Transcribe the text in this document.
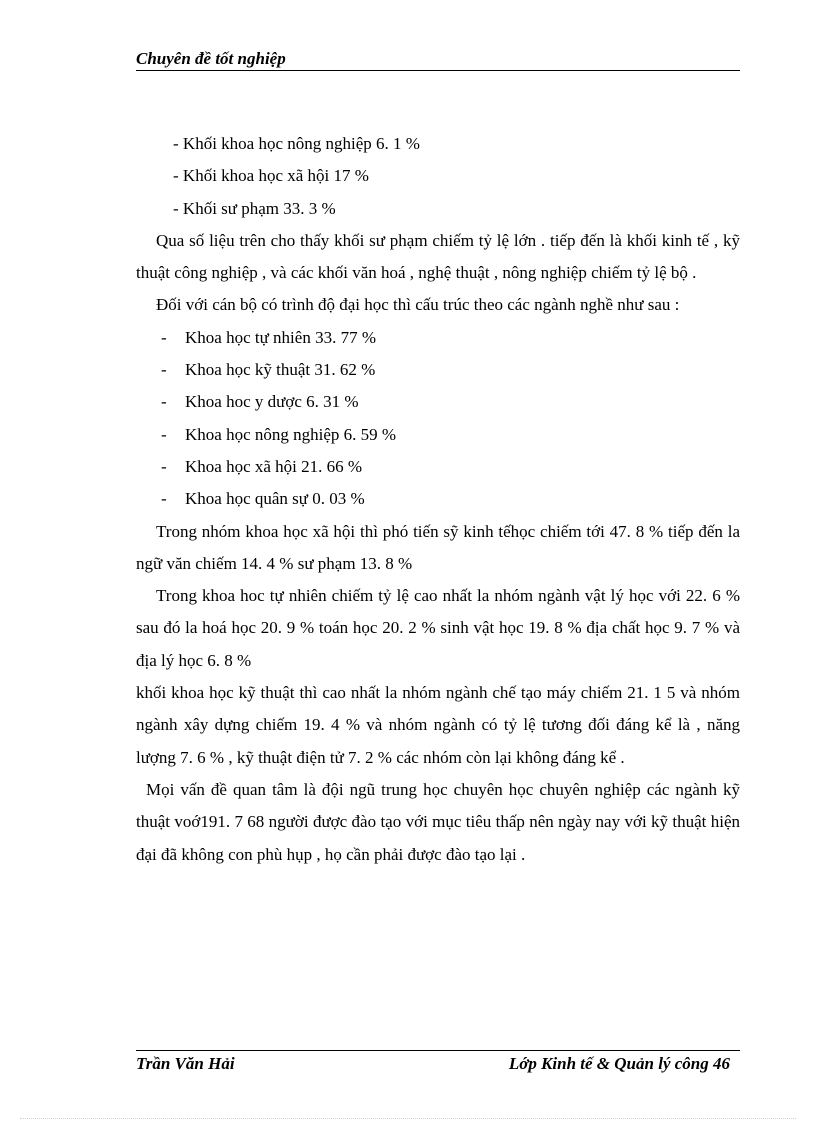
Chuyên đề tốt nghiệp
- Khối khoa học nông nghiệp 6. 1 %
- Khối khoa học xã hội 17 %
- Khối sư phạm 33. 3 %

Qua số liệu trên cho thấy khối sư phạm chiếm tỷ lệ lớn . tiếp đến là khối kinh tế , kỹ thuật công nghiệp , và các khối văn hoá , nghệ thuật , nông nghiệp chiếm tỷ lệ bộ .

Đối với cán bộ có trình độ đại học thì cấu trúc theo các ngành nghề như sau :

- Khoa học tự nhiên 33. 77 %
- Khoa học kỹ thuật 31. 62 %
- Khoa hoc y dược 6. 31 %
- Khoa học nông nghiệp 6. 59 %
- Khoa học xã hội 21. 66 %
- Khoa học quân sự 0. 03 %

Trong nhóm khoa học xã hội thì phó tiến sỹ kinh tếhọc chiếm tới 47. 8 % tiếp đến la ngữ văn chiếm 14. 4 % sư phạm 13. 8 %

Trong khoa hoc tự nhiên chiếm tỷ lệ cao nhất la nhóm ngành vật lý học với 22. 6 % sau đó la hoá học 20. 9 % toán học 20. 2 % sinh vật học 19. 8 % địa chất học 9. 7 % và địa lý học 6. 8 %

khối khoa học kỹ thuật thì cao nhất la nhóm ngành chế tạo máy chiếm 21. 1 5 và nhóm ngành xây dựng chiếm 19. 4 % và nhóm ngành có tỷ lệ tương đối đáng kể là , năng lượng 7. 6 % , kỹ thuật điện tử 7. 2 % các nhóm còn lại không đáng kể .

Mọi vấn đề quan tâm là đội ngũ trung học chuyên học chuyên nghiệp các ngành kỹ thuật voớ191. 7 68 người được đào tạo với mục tiêu thấp nên ngày nay với kỹ thuật hiện đại đã không con phù hụp , họ cần phải được đào tạo lại .

Trần Văn Hải	Lớp Kinh tế & Quản lý công 46
